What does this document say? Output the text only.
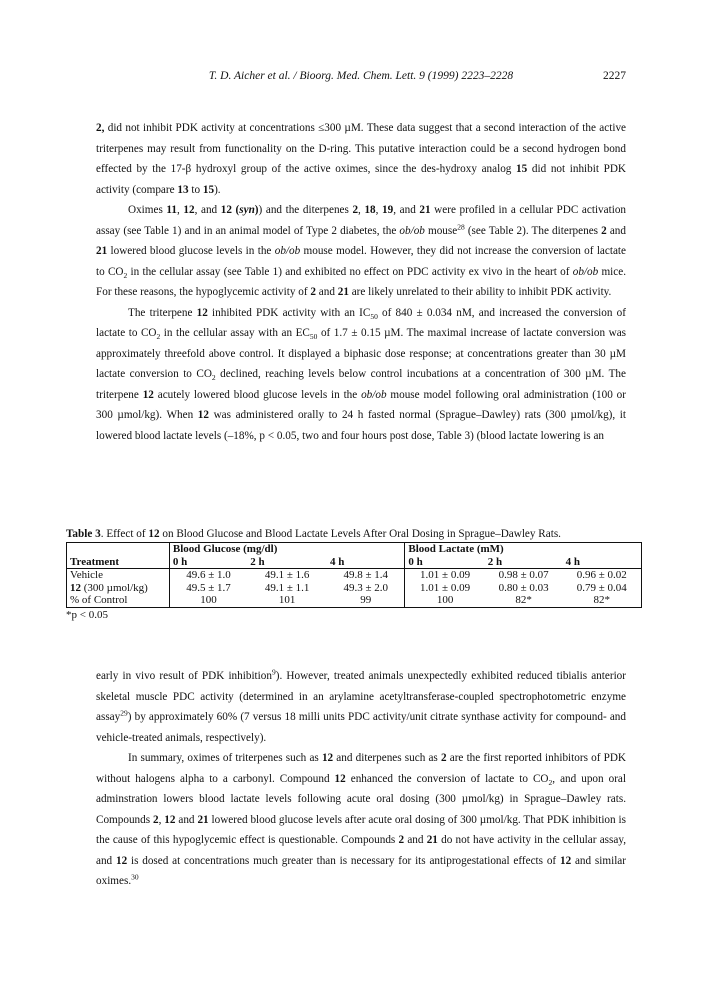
T. D. Aicher et al. / Bioorg. Med. Chem. Lett. 9 (1999) 2223–2228	2227

2, did not inhibit PDK activity at concentrations ≤300 µM. These data suggest that a second interaction of the active triterpenes may result from functionality on the D-ring. This putative interaction could be a second hydrogen bond effected by the 17-β hydroxyl group of the active oximes, since the des-hydroxy analog 15 did not inhibit PDK activity (compare 13 to 15).

Oximes 11, 12, and 12 (syn)) and the diterpenes 2, 18, 19, and 21 were profiled in a cellular PDC activation assay (see Table 1) and in an animal model of Type 2 diabetes, the ob/ob mouse$^{28}$ (see Table 2). The diterpenes 2 and 21 lowered blood glucose levels in the ob/ob mouse model. However, they did not increase the conversion of lactate to $CO_2$ in the cellular assay (see Table 1) and exhibited no effect on PDC activity ex vivo in the heart of ob/ob mice. For these reasons, the hypoglycemic activity of 2 and 21 are likely unrelated to their ability to inhibit PDK activity.

The triterpene 12 inhibited PDK activity with an $IC_{50}$ of 840 ± 0.034 nM, and increased the conversion of lactate to $CO_2$ in the cellular assay with an $EC_{50}$ of 1.7 ± 0.15 µM. The maximal increase of lactate conversion was approximately threefold above control. It displayed a biphasic dose response; at concentrations greater than 30 µM lactate conversion to $CO_2$ declined, reaching levels below control incubations at a concentration of 300 µM. The triterpene 12 acutely lowered blood glucose levels in the ob/ob mouse model following oral administration (100 or 300 µmol/kg). When 12 was administered orally to 24 h fasted normal (Sprague–Dawley) rats (300 µmol/kg), it lowered blood lactate levels (–18%, p < 0.05, two and four hours post dose, Table 3) (blood lactate lowering is an

Table 3. Effect of 12 on Blood Glucose and Blood Lactate Levels After Oral Dosing in Sprague–Dawley Rats.
	Blood Glucose (mg/dl)			Blood Lactate (mM)		
Treatment	0 h	2 h	4 h	0 h	2 h	4 h
Vehicle	49.6 ± 1.0	49.1 ± 1.6	49.8 ± 1.4	1.01 ± 0.09	0.98 ± 0.07	0.96 ± 0.02
12 (300 µmol/kg)	49.5 ± 1.7	49.1 ± 1.1	49.3 ± 2.0	1.01 ± 0.09	0.80 ± 0.03	0.79 ± 0.04
% of Control	100	101	99	100	82*	82*
*p < 0.05

early in vivo result of PDK inhibition$^9$). However, treated animals unexpectedly exhibited reduced tibialis anterior skeletal muscle PDC activity (determined in an arylamine acetyltransferase-coupled spectrophotometric enzyme assay$^{29}$) by approximately 60% (7 versus 18 milli units PDC activity/unit citrate synthase activity for compound- and vehicle-treated animals, respectively).

In summary, oximes of triterpenes such as 12 and diterpenes such as 2 are the first reported inhibitors of PDK without halogens alpha to a carbonyl. Compound 12 enhanced the conversion of lactate to $CO_2$, and upon oral adminstration lowers blood lactate levels following acute oral dosing (300 µmol/kg) in Sprague–Dawley rats. Compounds 2, 12 and 21 lowered blood glucose levels after acute oral dosing of 300 µmol/kg. That PDK inhibition is the cause of this hypoglycemic effect is questionable. Compounds 2 and 21 do not have activity in the cellular assay, and 12 is dosed at concentrations much greater than is necessary for its antiprogestational effects of 12 and similar oximes.$^{30}$
